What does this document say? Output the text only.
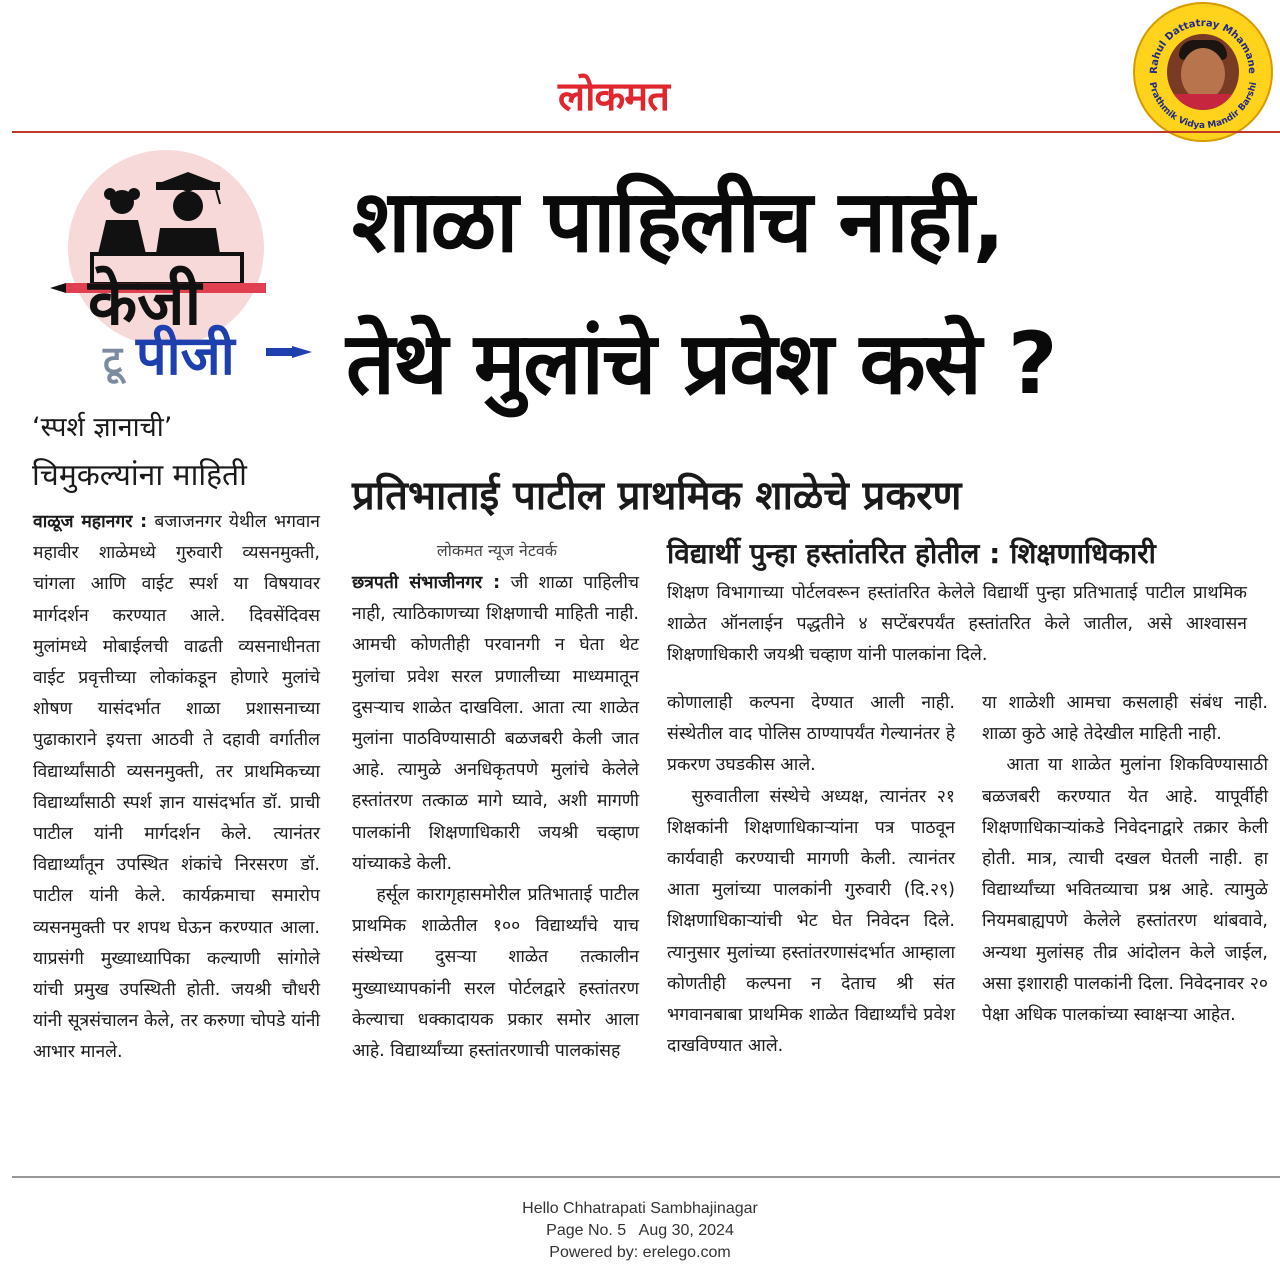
लोकमत
Rahul Dattatray Mhamane
Prathmik Vidya Mandir Barshi
केजी
टू पीजी
शाळा पाहिलीच नाही,
तेथे मुलांचे प्रवेश कसे ?
प्रतिभाताई पाटील प्राथमिक शाळेचे प्रकरण
‘स्पर्श ज्ञानाची’
चिमुकल्यांना माहिती

वाळूज महानगर : बजाजनगर येथील भगवान महावीर शाळेमध्ये गुरुवारी व्यसनमुक्ती, चांगला आणि वाईट स्पर्श या विषयावर मार्गदर्शन करण्यात आले. दिवसेंदिवस मुलांमध्ये मोबाईलची वाढती व्यसनाधीनता वाईट प्रवृत्तीच्या लोकांकडून होणारे मुलांचे शोषण यासंदर्भात शाळा प्रशासनाच्या पुढाकाराने इयत्ता आठवी ते दहावी वर्गातील विद्यार्थ्यांसाठी व्यसनमुक्ती, तर प्राथमिकच्या विद्यार्थ्यांसाठी स्पर्श ज्ञान यासंदर्भात डॉ. प्राची पाटील यांनी मार्गदर्शन केले. त्यानंतर विद्यार्थ्यांतून उपस्थित शंकांचे निरसरण डॉ. पाटील यांनी केले. कार्यक्रमाचा समारोप व्यसनमुक्ती पर शपथ घेऊन करण्यात आला. याप्रसंगी मुख्याध्यापिका कल्याणी सांगोले यांची प्रमुख उपस्थिती होती. जयश्री चौधरी यांनी सूत्रसंचालन केले, तर करुणा चोपडे यांनी आभार मानले.

लोकमत न्यूज नेटवर्क

छत्रपती संभाजीनगर : जी शाळा पाहिलीच नाही, त्याठिकाणच्या शिक्षणाची माहिती नाही. आमची कोणतीही परवानगी न घेता थेट मुलांचा प्रवेश सरल प्रणालीच्या माध्यमातून दुसऱ्याच शाळेत दाखविला. आता त्या शाळेत मुलांना पाठविण्यासाठी बळजबरी केली जात आहे. त्यामुळे अनधिकृतपणे मुलांचे केलेले हस्तांतरण तत्काळ मागे घ्यावे, अशी मागणी पालकांनी शिक्षणाधिकारी जयश्री चव्हाण यांच्याकडे केली.

हर्सूल कारागृहासमोरील प्रतिभाताई पाटील प्राथमिक शाळेतील १०० विद्यार्थ्यांचे याच संस्थेच्या दुसऱ्या शाळेत तत्कालीन मुख्याध्यापकांनी सरल पोर्टलद्वारे हस्तांतरण केल्याचा धक्कादायक प्रकार समोर आला आहे. विद्यार्थ्यांच्या हस्तांतरणाची पालकांसह

विद्यार्थी पुन्हा हस्तांतरित होतील : शिक्षणाधिकारी
शिक्षण विभागाच्या पोर्टलवरून हस्तांतरित केलेले विद्यार्थी पुन्हा प्रतिभाताई पाटील प्राथमिक शाळेत ऑनलाईन पद्धतीने ४ सप्टेंबरपर्यंत हस्तांतरित केले जातील, असे आश्वासन शिक्षणाधिकारी जयश्री चव्हाण यांनी पालकांना दिले.

कोणालाही कल्पना देण्यात आली नाही. संस्थेतील वाद पोलिस ठाण्यापर्यंत गेल्यानंतर हे प्रकरण उघडकीस आले.

सुरुवातीला संस्थेचे अध्यक्ष, त्यानंतर २१ शिक्षकांनी शिक्षणाधिकाऱ्यांना पत्र पाठवून कार्यवाही करण्याची मागणी केली. त्यानंतर आता मुलांच्या पालकांनी गुरुवारी (दि.२९) शिक्षणाधिकाऱ्यांची भेट घेत निवेदन दिले. त्यानुसार मुलांच्या हस्तांतरणासंदर्भात आम्हाला कोणतीही कल्पना न देताच श्री संत भगवानबाबा प्राथमिक शाळेत विद्यार्थ्यांचे प्रवेश दाखविण्यात आले.

या शाळेशी आमचा कसलाही संबंध नाही. शाळा कुठे आहे तेदेखील माहिती नाही.

आता या शाळेत मुलांना शिकविण्यासाठी बळजबरी करण्यात येत आहे. यापूर्वीही शिक्षणाधिकाऱ्यांकडे निवेदनाद्वारे तक्रार केली होती. मात्र, त्याची दखल घेतली नाही. हा विद्यार्थ्यांच्या भवितव्याचा प्रश्न आहे. त्यामुळे नियमबाह्यपणे केलेले हस्तांतरण थांबवावे, अन्यथा मुलांसह तीव्र आंदोलन केले जाईल, असा इशाराही पालकांनी दिला. निवेदनावर २० पेक्षा अधिक पालकांच्या स्वाक्षऱ्या आहेत.

Hello Chhatrapati Sambhajinagar
Page No. 5   Aug 30, 2024
Powered by: erelego.com
